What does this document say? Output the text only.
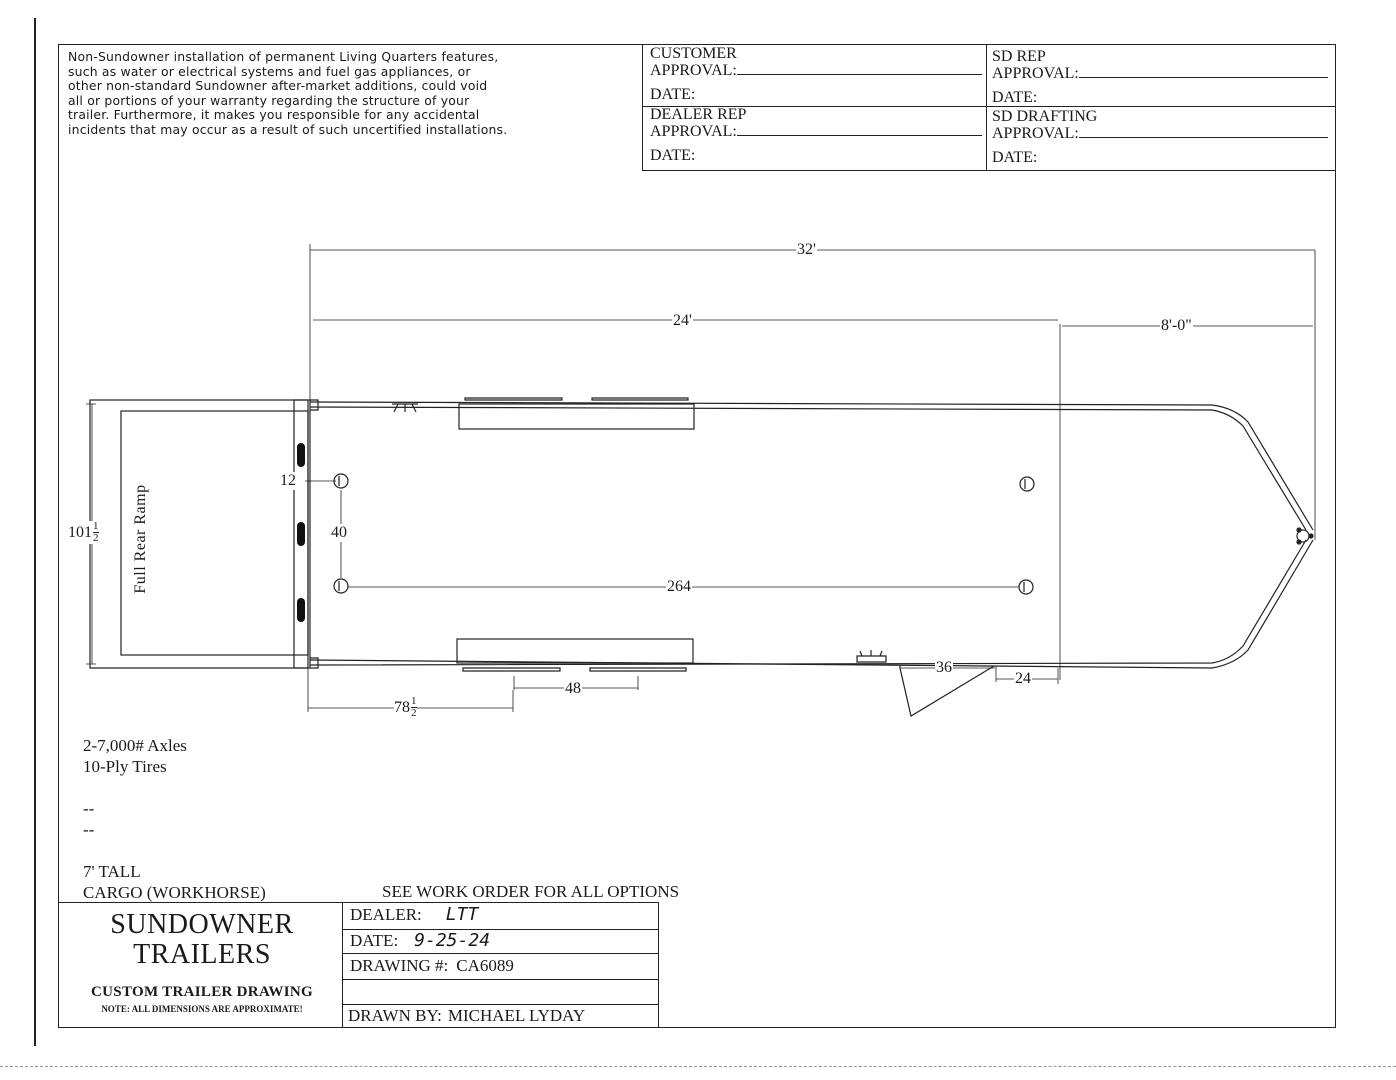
Non-Sundowner installation of permanent Living Quarters features,
such as water or electrical systems and fuel gas appliances, or
other non-standard Sundowner after-market additions, could void
all or portions of your warranty regarding the structure of your
trailer. Furthermore, it makes you responsible for any accidental
incidents that may occur as a result of such uncertified installations.
CUSTOMER
APPROVAL:
DATE:
SD REP
APPROVAL:
DATE:
DEALER REP
APPROVAL:
DATE:
SD DRAFTING
APPROVAL:
DATE:
32'
24'	8'-0"
$101 \frac{1}{2}$ Full Rear Ramp
12
40
264
36
24
48
$78 \frac{1}{2}$
2-7,000# Axles
10-Ply Tires
--
--
7' TALL
CARGO (WORKHORSE)	SEE WORK ORDER FOR ALL OPTIONS
SUNDOWNER
TRAILERS
CUSTOM TRAILER DRAWING
NOTE: ALL DIMENSIONS ARE APPROXIMATE!
DEALER: LTT
DATE: 9-25-24
DRAWING #: CA6089
DRAWN BY: MICHAEL LYDAY
